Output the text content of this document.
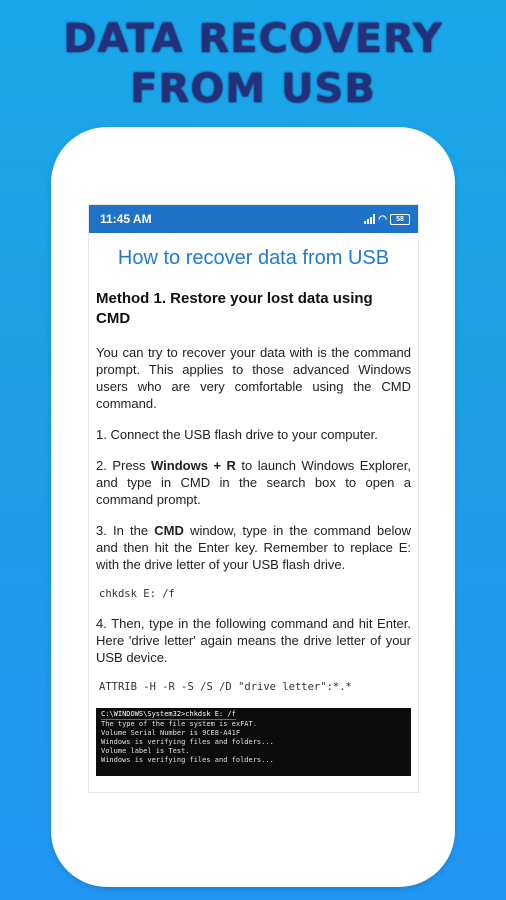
DATA RECOVERY
FROM USB
11:45 AM	◠	58
How to recover data from USB
Method 1. Restore your lost data using CMD

You can try to recover your data with is the command prompt. This applies to those advanced Windows users who are very comfortable using the CMD command.

1. Connect the USB flash drive to your computer.

2. Press Windows + R to launch Windows Explorer, and type in CMD in the search box to open a command prompt.

3. In the CMD window, type in the command below and then hit the Enter key. Remember to replace E: with the drive letter of your USB flash drive.

chkdsk E: /f

4. Then, type in the following command and hit Enter. Here 'drive letter' again means the drive letter of your USB device.

ATTRIB -H -R -S /S /D "drive letter":*.*
C:\WINDOWS\System32>chkdsk E: /f
The type of the file system is exFAT.
Volume Serial Number is 9CE8-A41F
Windows is verifying files and folders...
Volume label is Test.
Windows is verifying files and folders...
